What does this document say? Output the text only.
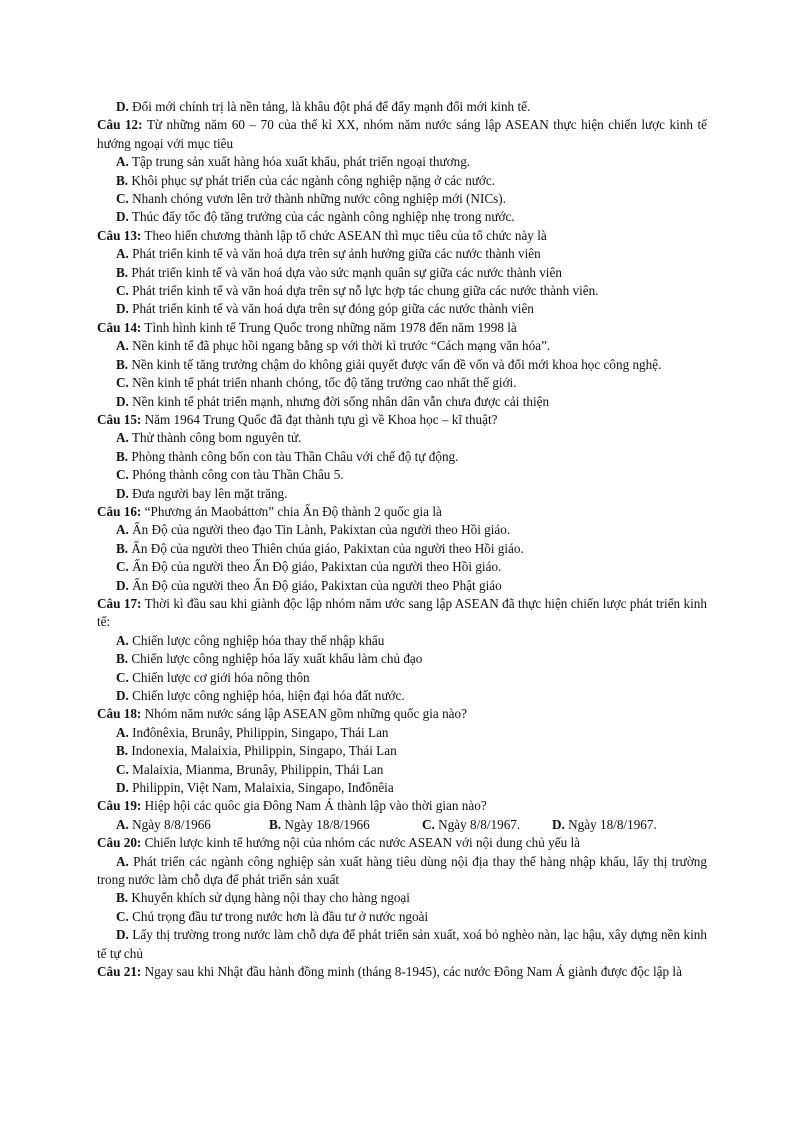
D. Đổi mới chính trị là nền tảng, là khâu đột phá để đẩy mạnh đổi mới kinh tế.
Câu 12: Từ những năm 60 – 70 của thế kỉ XX, nhóm năm nước sáng lập ASEAN thực hiện chiến lược kinh tế hướng ngoại với mục tiêu
A. Tập trung sản xuất hàng hóa xuất khẩu, phát triển ngoại thương.
B. Khôi phục sự phát triển của các ngành công nghiệp nặng ở các nước.
C. Nhanh chóng vươn lên trở thành những nước công nghiệp mới (NICs).
D. Thúc đẩy tốc độ tăng trưởng của các ngành công nghiệp nhẹ trong nước.
Câu 13: Theo hiến chương thành lập tổ chức ASEAN thì mục tiêu của tổ chức này là
A. Phát triển kinh tế và văn hoá dựa trên sự ảnh hưởng giữa các nước thành viên
B. Phát triển kinh tế và văn hoá dựa vào sức mạnh quân sự giữa các nước thành viên
C. Phát triển kinh tế và văn hoá dựa trên sự nỗ lực hợp tác chung giữa các nước thành viên.
D. Phát triển kinh tế và văn hoá dựa trên sự đóng góp giữa các nước thành viên
Câu 14: Tình hình kinh tế Trung Quốc trong những năm 1978 đến năm 1998 là
A. Nền kinh tế đã phục hồi ngang bằng sp với thời kì trước “Cách mạng văn hóa”.
B. Nền kinh tế tăng trưởng chậm do không giải quyết được vấn đề vốn và đổi mới khoa học công nghệ.
C. Nền kinh tế phát triển nhanh chóng, tốc độ tăng trưởng cao nhất thế giới.
D. Nền kinh tế phát triển mạnh, nhưng đời sống nhân dân vẫn chưa được cải thiện
Câu 15: Năm 1964 Trung Quốc đã đạt thành tựu gì về Khoa học – kĩ thuật?
A. Thử thành công bom nguyên tử.
B. Phòng thành công bốn con tàu Thần Châu với chế độ tự động.
C. Phóng thành công con tàu Thần Châu 5.
D. Đưa người bay lên mặt trăng.
Câu 16: “Phương án Maobáttơn” chia Ấn Độ thành 2 quốc gia là
A. Ấn Độ của người theo đạo Tin Lành, Pakixtan của người theo Hồi giáo.
B. Ấn Độ của người theo Thiên chúa giáo, Pakixtan của người theo Hồi giáo.
C. Ấn Độ của người theo Ấn Độ giáo, Pakixtan của người theo Hồi giáo.
D. Ấn Độ của người theo Ấn Độ giáo, Pakixtan của người theo Phật giáo
Câu 17: Thời kì đầu sau khi giành độc lập nhóm năm ước sang lập ASEAN đã thực hiện chiến lược phát triển kinh tế:
A. Chiến lược công nghiệp hóa thay thế nhập khẩu
B. Chiến lược công nghiệp hóa lấy xuất khẩu làm chủ đạo
C. Chiến lược cơ giới hóa nông thôn
D. Chiến lược công nghiệp hóa, hiện đại hóa đất nước.
Câu 18: Nhóm năm nước sáng lập ASEAN gồm những quốc gia nào?
A. Inđônêxia, Brunây, Philippin, Singapo, Thái Lan
B. Indonexia, Malaixia, Philippin, Singapo, Thái Lan
C. Malaixia, Mianma, Brunây, Philippin, Thái Lan
D. Philippin, Việt Nam, Malaixia, Singapo, Inđônêia
Câu 19: Hiệp hội các quôc gia Đông Nam Á thành lập vào thời gian nào?
A. Ngày 8/8/1966	B. Ngày 18/8/1966	C. Ngày 8/8/1967.	D. Ngày 18/8/1967.
Câu 20: Chiến lược kinh tế hướng nội của nhóm các nước ASEAN với nội dung chủ yếu là
A. Phát triển các ngành công nghiệp sản xuất hàng tiêu dùng nội địa thay thế hàng nhập khẩu, lấy thị trường trong nước làm chỗ dựa để phát triển sản xuất
B. Khuyến khích sử dụng hàng nội thay cho hàng ngoại
C. Chú trọng đầu tư trong nước hơn là đầu tư ở nước ngoài
D. Lấy thị trường trong nước làm chỗ dựa để phát triển sản xuất, xoá bỏ nghèo nàn, lạc hậu, xây dựng nền kinh tế tự chủ
Câu 21: Ngay sau khi Nhật đầu hành đồng minh (tháng 8-1945), các nước Đông Nam Á giành được độc lập là
